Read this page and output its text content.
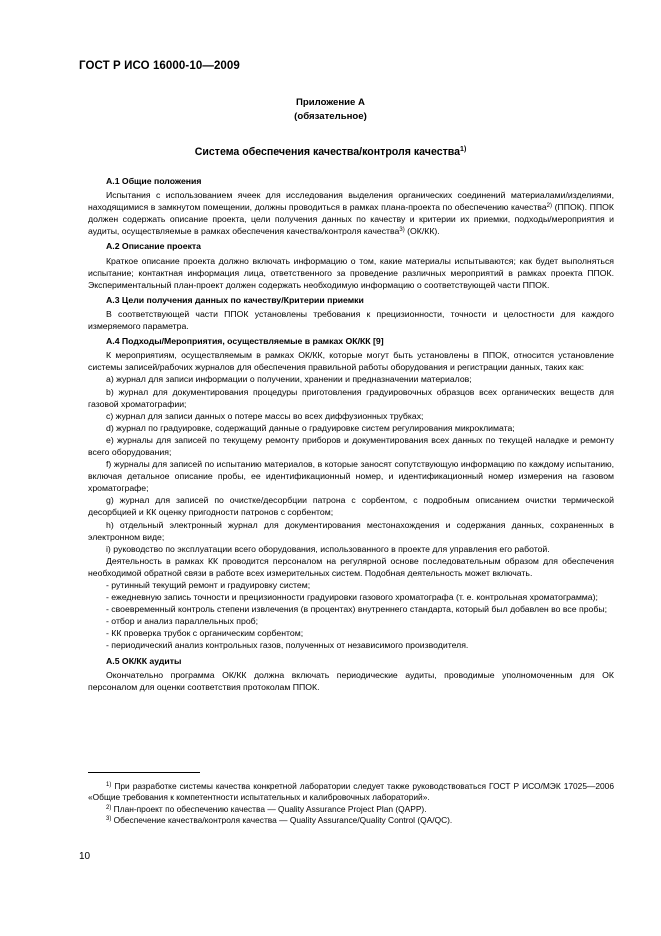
ГОСТ Р ИСО 16000-10—2009
Приложение А
(обязательное)
Система обеспечения качества/контроля качества$^{1)}$
А.1 Общие положения

Испытания с использованием ячеек для исследования выделения органических соединений материалами/изделиями, находящимися в замкнутом помещении, должны проводиться в рамках плана-проекта по обеспечению качества$^{2)}$ (ППОК). ППОК должен содержать описание проекта, цели получения данных по качеству и критерии их приемки, подходы/мероприятия и аудиты, осуществляемые в рамках обеспечения качества/контроля качества$^{3)}$ (ОК/КК).

А.2 Описание проекта

Краткое описание проекта должно включать информацию о том, какие материалы испытываются; как будет выполняться испытание; контактная информация лица, ответственного за проведение различных мероприятий в рамках проекта ППОК. Экспериментальный план-проект должен содержать необходимую информацию о соответствующей части ППОК.

А.3 Цели получения данных по качеству/Критерии приемки

В соответствующей части ППОК установлены требования к прецизионности, точности и целостности для каждого измеряемого параметра.

А.4 Подходы/Мероприятия, осуществляемые в рамках ОК/КК [9]

К мероприятиям, осуществляемым в рамках ОК/КК, которые могут быть установлены в ППОК, относится установление системы записей/рабочих журналов для обеспечения правильной работы оборудования и регистрации данных, таких как:

a) журнал для записи информации о получении, хранении и предназначении материалов;

b) журнал для документирования процедуры приготовления градуировочных образцов всех органических веществ для газовой хроматографии;

c) журнал для записи данных о потере массы во всех диффузионных трубках;

d) журнал по градуировке, содержащий данные о градуировке систем регулирования микроклимата;

e) журналы для записей по текущему ремонту приборов и документирования всех данных по текущей наладке и ремонту всего оборудования;

f) журналы для записей по испытанию материалов, в которые заносят сопутствующую информацию по каждому испытанию, включая детальное описание пробы, ее идентификационный номер, и идентификационный номер измерения на газовом хроматографе;

g) журнал для записей по очистке/десорбции патрона с сорбентом, с подробным описанием очистки термической десорбцией и КК оценку пригодности патронов с сорбентом;

h) отдельный электронный журнал для документирования местонахождения и содержания данных, сохраненных в электронном виде;

i) руководство по эксплуатации всего оборудования, использованного в проекте для управления его работой.

Деятельность в рамках КК проводится персоналом на регулярной основе последовательным образом для обеспечения необходимой обратной связи в работе всех измерительных систем. Подобная деятельность может включать.

- рутинный текущий ремонт и градуировку систем;

- ежедневную запись точности и прецизионности градуировки газового хроматографа (т. е. контрольная хроматограмма);

- своевременный контроль степени извлечения (в процентах) внутреннего стандарта, который был добавлен во все пробы;

- отбор и анализ параллельных проб;

- КК проверка трубок с органическим сорбентом;

- периодический анализ контрольных газов, полученных от независимого производителя.

А.5 ОК/КК аудиты

Окончательно программа ОК/КК должна включать периодические аудиты, проводимые уполномоченным для ОК персоналом для оценки соответствия протоколам ППОК.

$^{1)}$ При разработке системы качества конкретной лаборатории следует также руководствоваться ГОСТ Р ИСО/МЭК 17025—2006 «Общие требования к компетентности испытательных и калибровочных лабораторий».

$^{2)}$ План-проект по обеспечению качества — Quality Assurance Project Plan (QAPP).

$^{3)}$ Обеспечение качества/контроля качества — Quality Assurance/Quality Control (QA/QC).

10
